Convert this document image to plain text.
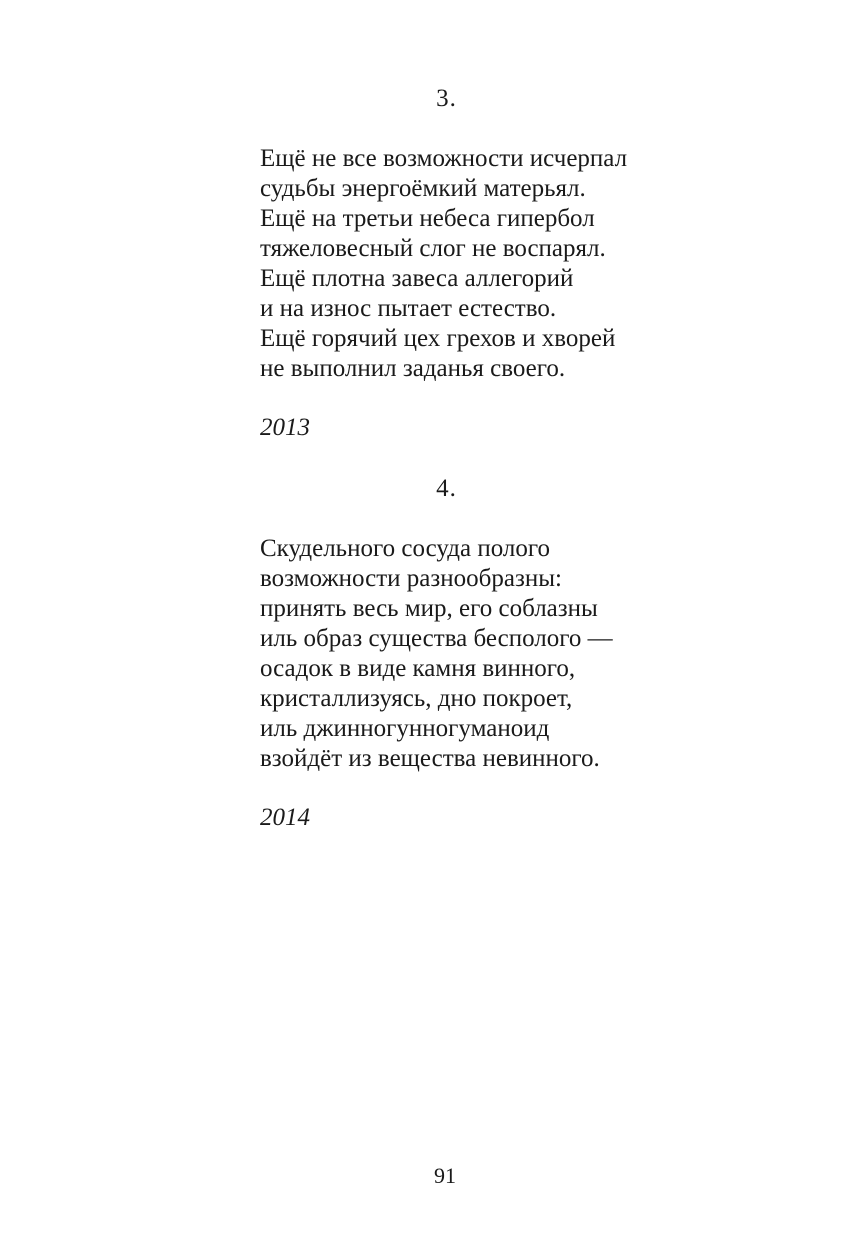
3.
Ещё не все возможности исчерпал
судьбы энергоёмкий матерьял.
Ещё на третьи небеса гипербол
тяжеловесный слог не воспарял.
Ещё плотна завеса аллегорий
и на износ пытает естество.
Ещё горячий цех грехов и хворей
не выполнил заданья своего.
2013
4.
Скудельного сосуда полого
возможности разнообразны:
принять весь мир, его соблазны
иль образ существа бесполого —
осадок в виде камня винного,
кристаллизуясь, дно покроет,
иль джинногунногуманоид
взойдёт из вещества невинного.
2014
91
